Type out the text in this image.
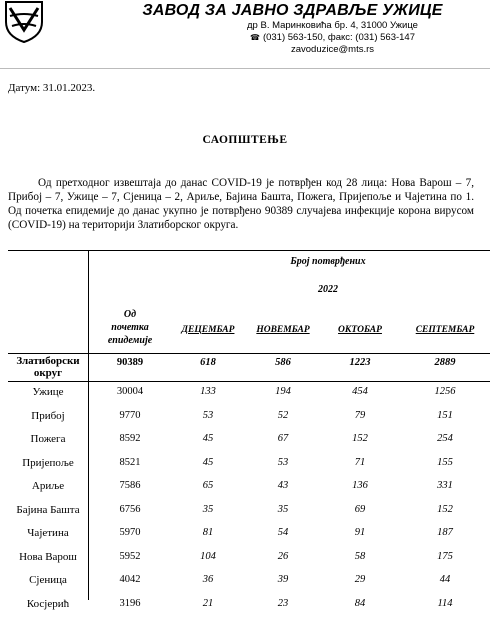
ЗАВОД ЗА ЈАВНО ЗДРАВЉЕ УЖИЦЕ
др В. Маринковића бр. 4, 31000 Ужице
☎ (031) 563-150, факс: (031) 563-147
zavoduzice@mts.rs
Датум: 31.01.2023.
САОПШТЕЊЕ
Од претходног извештаја до данас COVID-19 је потврђен код 28 лица: Нова Варош – 7, Прибој – 7, Ужице – 7, Сјеница – 2, Ариље, Бајина Башта, Пожега, Пријепоље и Чајетина по 1. Од почетка епидемије до данас укупно је потврђено 90389 случајева инфекције корона вирусом (COVID-19) на територији Златиборског округа.
Број потврђених
2022
Од
почетка
епидемије
ДЕЦЕМБАР	НОВЕМБАР	ОКТОБАР	СЕПТЕМБАР
Златиборски
округ
90389	618	586	1223	2889
Ужице	30004	133	194	454	1256
Прибој	9770	53	52	79	151
Пожега	8592	45	67	152	254
Пријепоље	8521	45	53	71	155
Ариље	7586	65	43	136	331
Бајина Башта	6756	35	35	69	152
Чајетина	5970	81	54	91	187
Нова Варош	5952	104	26	58	175
Сјеница	4042	36	39	29	44
Косјерић	3196	21	23	84	114
